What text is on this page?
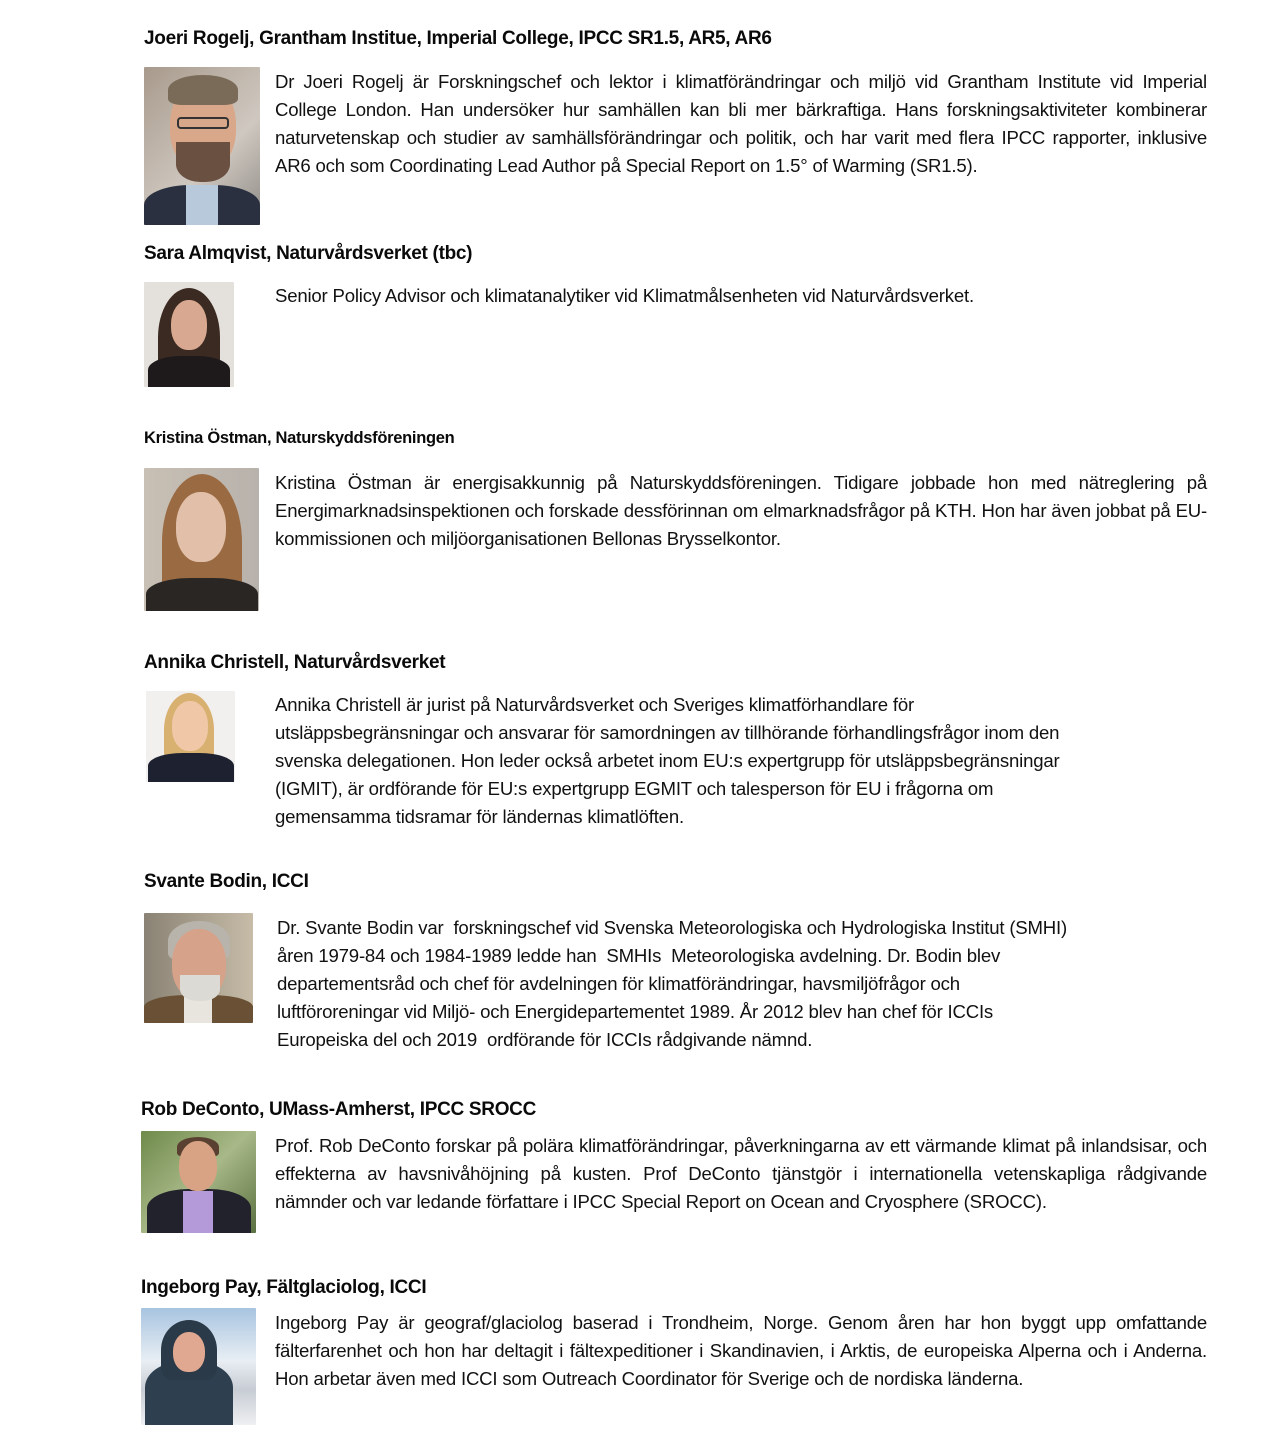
Joeri Rogelj, Grantham Institue, Imperial College, IPCC SR1.5, AR5, AR6
Dr Joeri Rogelj är Forskningschef och lektor i klimatförändringar och miljö vid Grantham Institute vid Imperial College London. Han undersöker hur samhällen kan bli mer bärkraftiga. Hans forskningsaktiviteter kombinerar naturvetenskap och studier av samhällsförändringar och politik, och har varit med flera IPCC rapporter, inklusive AR6 och som Coordinating Lead Author på Special Report on 1.5° of Warming (SR1.5).
Sara Almqvist, Naturvårdsverket (tbc)
Senior Policy Advisor och klimatanalytiker vid Klimatmålsenheten vid Naturvårdsverket.
Kristina Östman, Naturskyddsföreningen
Kristina Östman är energisakkunnig på Naturskyddsföreningen. Tidigare jobbade hon med nätreglering på Energimarknadsinspektionen och forskade dessförinnan om elmarknadsfrågor på KTH. Hon har även jobbat på EU-kommissionen och miljöorganisationen Bellonas Brysselkontor.
Annika Christell, Naturvårdsverket
Annika Christell är jurist på Naturvårdsverket och Sveriges klimatförhandlare för
utsläppsbegränsningar och ansvarar för samordningen av tillhörande förhandlingsfrågor inom den
svenska delegationen. Hon leder också arbetet inom EU:s expertgrupp för utsläppsbegränsningar
(IGMIT), är ordförande för EU:s expertgrupp EGMIT och talesperson för EU i frågorna om
gemensamma tidsramar för ländernas klimatlöften.
Svante Bodin, ICCI
Dr. Svante Bodin var  forskningschef vid Svenska Meteorologiska och Hydrologiska Institut (SMHI)
åren 1979-84 och 1984-1989 ledde han  SMHIs  Meteorologiska avdelning. Dr. Bodin blev
departementsråd och chef för avdelningen för klimatförändringar, havsmiljöfrågor och
luftföroreningar vid Miljö- och Energidepartementet 1989. År 2012 blev han chef för ICCIs
Europeiska del och 2019  ordförande för ICCIs rådgivande nämnd.
Rob DeConto, UMass-Amherst, IPCC SROCC
Prof. Rob DeConto forskar på polära klimatförändringar, påverkningarna av ett värmande klimat på inlandsisar, och effekterna av havsnivåhöjning på kusten. Prof DeConto tjänstgör i internationella vetenskapliga rådgivande nämnder och var ledande författare i IPCC Special Report on Ocean and Cryosphere (SROCC).
Ingeborg Pay, Fältglaciolog, ICCI
Ingeborg Pay är geograf/glaciolog baserad i Trondheim, Norge. Genom åren har hon byggt upp omfattande fälterfarenhet och hon har deltagit i fältexpeditioner i Skandinavien, i Arktis, de europeiska Alperna och i Anderna. Hon arbetar även med ICCI som Outreach Coordinator för Sverige och de nordiska länderna.
